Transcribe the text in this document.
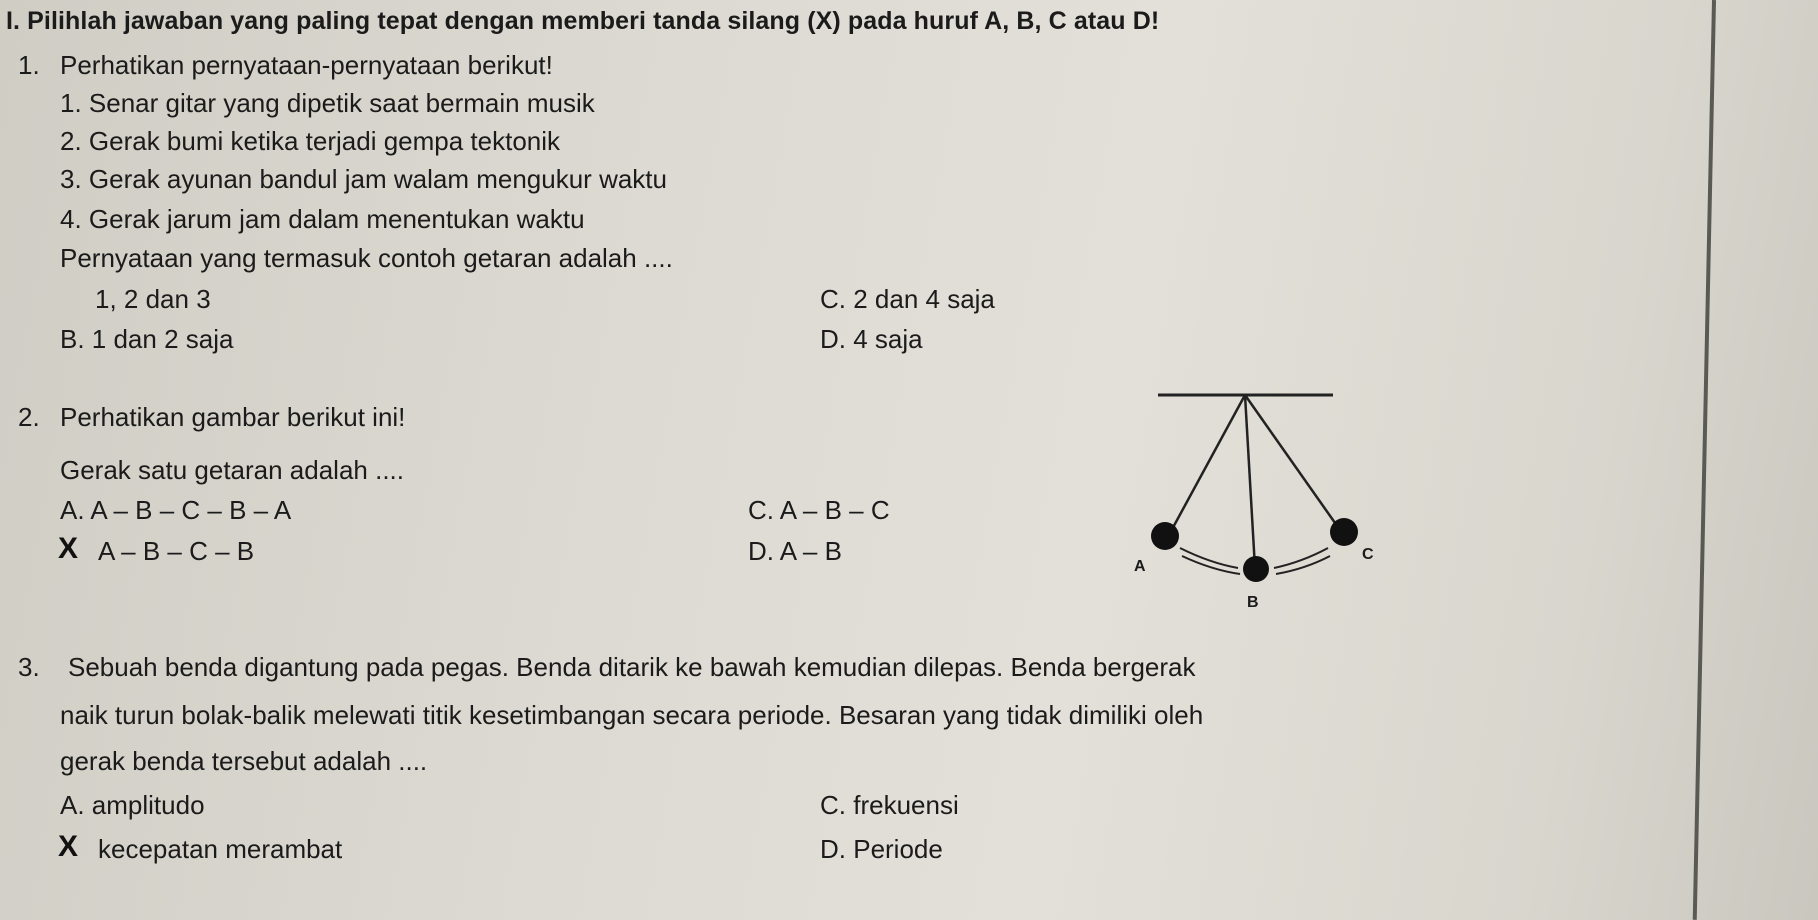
I. Pilihlah jawaban yang paling tepat dengan memberi tanda silang (X) pada huruf A, B, C atau D!
1. Perhatikan pernyataan-pernyataan berikut!
1. Senar gitar yang dipetik saat bermain musik
2. Gerak bumi ketika terjadi gempa tektonik
3. Gerak ayunan bandul jam walam mengukur waktu
4. Gerak jarum jam dalam menentukan waktu
Pernyataan yang termasuk contoh getaran adalah ....
1, 2 dan 3
B. 1 dan 2 saja
C. 2 dan 4 saja
D. 4 saja
2. Perhatikan gambar berikut ini!
Gerak satu getaran adalah ....
A. A – B – C – B – A
X A – B – C – B
C. A – B – C
D. A – B
A
B
C
3. Sebuah benda digantung pada pegas. Benda ditarik ke bawah kemudian dilepas. Benda bergerak
naik turun bolak-balik melewati titik kesetimbangan secara periode. Besaran yang tidak dimiliki oleh
gerak benda tersebut adalah ....
A. amplitudo
X kecepatan merambat
C. frekuensi
D. Periode
